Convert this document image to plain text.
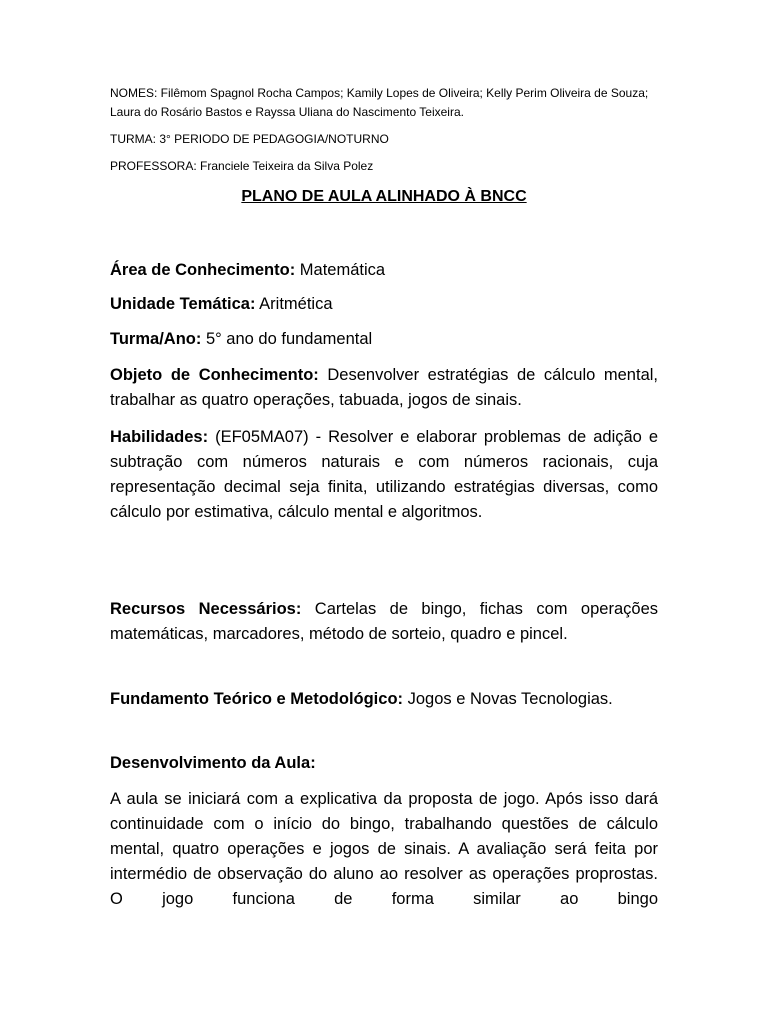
NOMES: Filêmom Spagnol Rocha Campos; Kamily Lopes de Oliveira; Kelly Perim Oliveira de Souza; Laura do Rosário Bastos e Rayssa Uliana do Nascimento Teixeira.

TURMA: 3° PERIODO DE PEDAGOGIA/NOTURNO

PROFESSORA: Franciele Teixeira da Silva Polez

PLANO DE AULA ALINHADO À BNCC

Área de Conhecimento: Matemática

Unidade Temática: Aritmética

Turma/Ano: 5° ano do fundamental

Objeto de Conhecimento: Desenvolver estratégias de cálculo mental, trabalhar as quatro operações, tabuada, jogos de sinais.

Habilidades: (EF05MA07) - Resolver e elaborar problemas de adição e subtração com números naturais e com números racionais, cuja representação decimal seja finita, utilizando estratégias diversas, como cálculo por estimativa, cálculo mental e algoritmos.

Recursos Necessários: Cartelas de bingo, fichas com operações matemáticas, marcadores, método de sorteio, quadro e pincel.

Fundamento Teórico e Metodológico: Jogos e Novas Tecnologias.

Desenvolvimento da Aula:

A aula se iniciará com a explicativa da proposta de jogo. Após isso dará continuidade com o início do bingo, trabalhando questões de cálculo mental, quatro operações e jogos de sinais. A avaliação será feita por intermédio de observação do aluno ao resolver as operações proprostas. O jogo funciona de forma similar ao bingo
